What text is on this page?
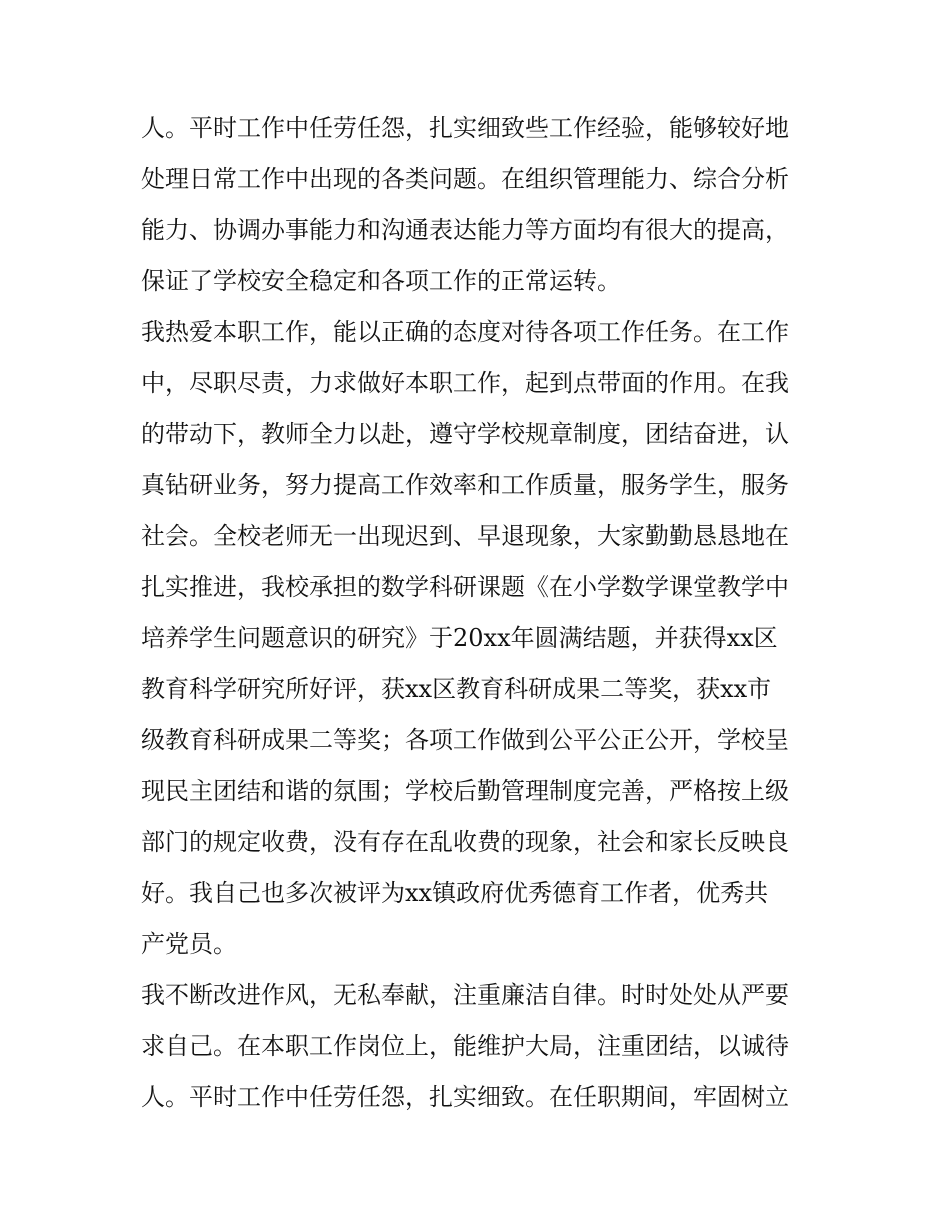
人。平时工作中任劳任怨，扎实细致些工作经验，能够较好地
处理日常工作中出现的各类问题。在组织管理能力、综合分析
能力、协调办事能力和沟通表达能力等方面均有很大的提高，
保证了学校安全稳定和各项工作的正常运转。
我热爱本职工作，能以正确的态度对待各项工作任务。在工作
中，尽职尽责，力求做好本职工作，起到点带面的作用。在我
的带动下，教师全力以赴，遵守学校规章制度，团结奋进，认
真钻研业务，努力提高工作效率和工作质量，服务学生，服务
社会。全校老师无一出现迟到、早退现象，大家勤勤恳恳地在
扎实推进，我校承担的数学科研课题《在小学数学课堂教学中
培养学生问题意识的研究》于20xx年圆满结题，并获得xx区
教育科学研究所好评，获xx区教育科研成果二等奖，获xx市
级教育科研成果二等奖；各项工作做到公平公正公开，学校呈
现民主团结和谐的氛围；学校后勤管理制度完善，严格按上级
部门的规定收费，没有存在乱收费的现象，社会和家长反映良
好。我自己也多次被评为xx镇政府优秀德育工作者，优秀共
产党员。
我不断改进作风，无私奉献，注重廉洁自律。时时处处从严要
求自己。在本职工作岗位上，能维护大局，注重团结，以诚待
人。平时工作中任劳任怨，扎实细致。在任职期间，牢固树立
